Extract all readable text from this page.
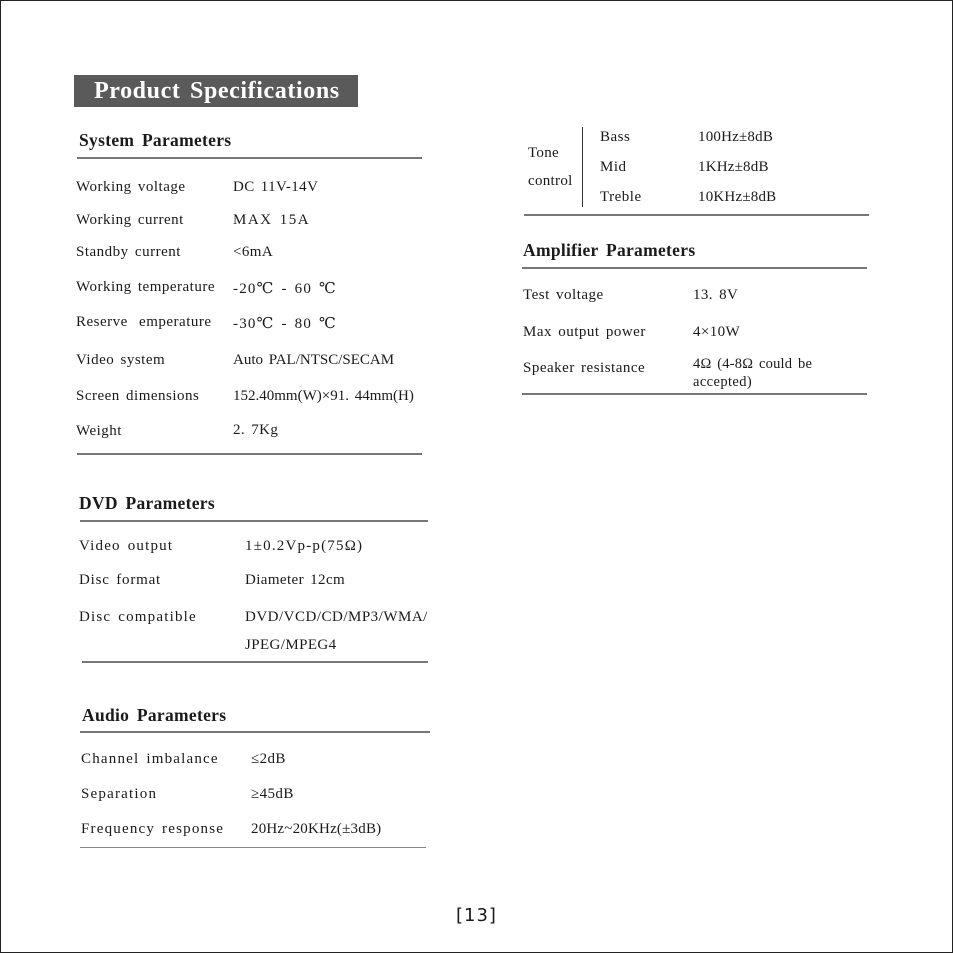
Product Specifications
System Parameters
Working voltage	DC 11V-14V
Working current	MAX 15A
Standby current	<6mA
Working temperature -20℃ - 60 ℃
Reserve emperature -30℃ - 80 ℃
Video system	Auto PAL/NTSC/SECAM
Screen dimensions 152.40mm(W)×91. 44mm(H)
Weight	2. 7Kg
DVD Parameters
Video output	1±0.2Vp-p(75Ω)
Disc format	Diameter 12cm
Disc compatible	DVD/VCD/CD/MP3/WMA/
JPEG/MPEG4
Audio Parameters
Channel imbalance ≤2dB
Separation	≥45dB
Frequency response 20Hz~20KHz(±3dB)
Tone
control
Bass	100Hz±8dB
Mid	1KHz±8dB
Treble	10KHz±8dB
Amplifier Parameters
Test voltage	13. 8V
Max output power	4×10W
Speaker resistance	4Ω (4-8Ω could be
accepted)
[13]
